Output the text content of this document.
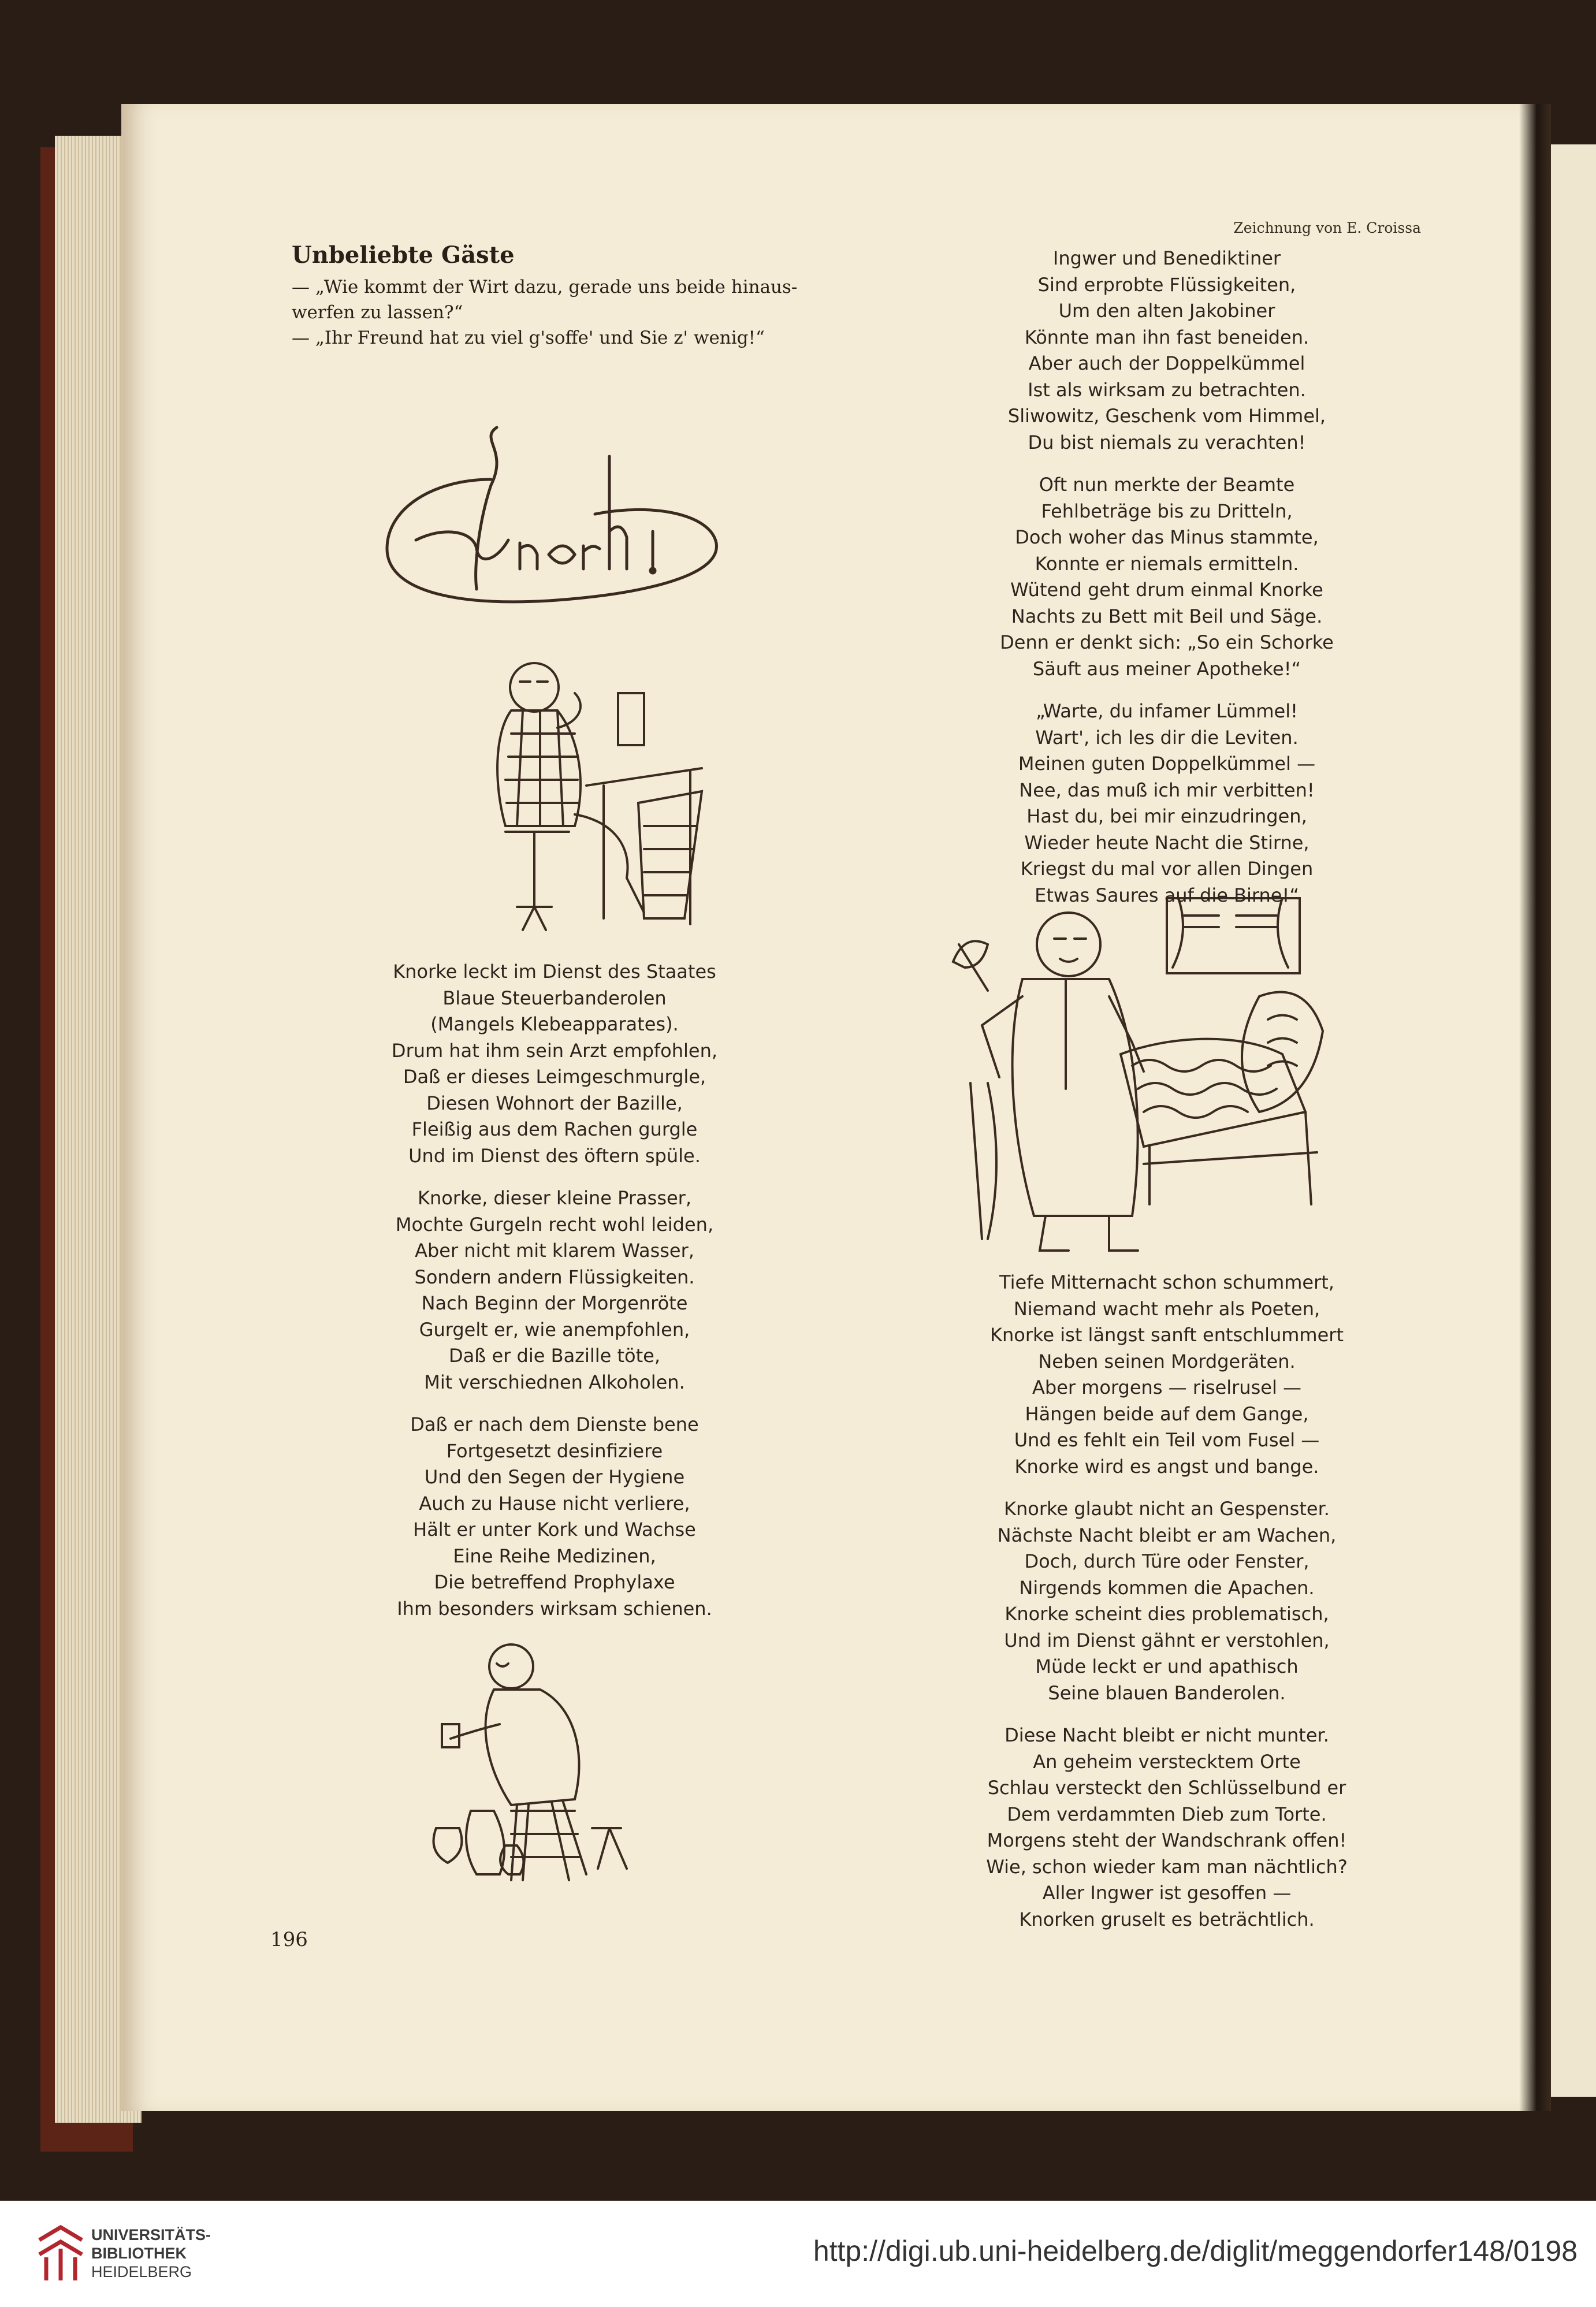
Zeichnung von E. Croissa
Unbeliebte Gäste
— „Wie kommt der Wirt dazu, gerade uns beide hinaus-
werfen zu lassen?“
— „Ihr Freund hat zu viel g'soffe' und Sie z' wenig!“
Knorke leckt im Dienst des Staates
Blaue Steuerbanderolen
(Mangels Klebeapparates).
Drum hat ihm sein Arzt empfohlen,
Daß er dieses Leimgeschmurgle,
Diesen Wohnort der Bazille,
Fleißig aus dem Rachen gurgle
Und im Dienst des öftern spüle.
Knorke, dieser kleine Prasser,
Mochte Gurgeln recht wohl leiden,
Aber nicht mit klarem Wasser,
Sondern andern Flüssigkeiten.
Nach Beginn der Morgenröte
Gurgelt er, wie anempfohlen,
Daß er die Bazille töte,
Mit verschiednen Alkoholen.
Daß er nach dem Dienste bene
Fortgesetzt desinfiziere
Und den Segen der Hygiene
Auch zu Hause nicht verliere,
Hält er unter Kork und Wachse
Eine Reihe Medizinen,
Die betreffend Prophylaxe
Ihm besonders wirksam schienen.
Ingwer und Benediktiner
Sind erprobte Flüssigkeiten,
Um den alten Jakobiner
Könnte man ihn fast beneiden.
Aber auch der Doppelkümmel
Ist als wirksam zu betrachten.
Sliwowitz, Geschenk vom Himmel,
Du bist niemals zu verachten!
Oft nun merkte der Beamte
Fehlbeträge bis zu Dritteln,
Doch woher das Minus stammte,
Konnte er niemals ermitteln.
Wütend geht drum einmal Knorke
Nachts zu Bett mit Beil und Säge.
Denn er denkt sich: „So ein Schorke
Säuft aus meiner Apotheke!“
„Warte, du infamer Lümmel!
Wart', ich les dir die Leviten.
Meinen guten Doppelkümmel —
Nee, das muß ich mir verbitten!
Hast du, bei mir einzudringen,
Wieder heute Nacht die Stirne,
Kriegst du mal vor allen Dingen
Etwas Saures auf die Birne!“
Tiefe Mitternacht schon schummert,
Niemand wacht mehr als Poeten,
Knorke ist längst sanft entschlummert
Neben seinen Mordgeräten.
Aber morgens — riselrusel —
Hängen beide auf dem Gange,
Und es fehlt ein Teil vom Fusel —
Knorke wird es angst und bange.
Knorke glaubt nicht an Gespenster.
Nächste Nacht bleibt er am Wachen,
Doch, durch Türe oder Fenster,
Nirgends kommen die Apachen.
Knorke scheint dies problematisch,
Und im Dienst gähnt er verstohlen,
Müde leckt er und apathisch
Seine blauen Banderolen.
Diese Nacht bleibt er nicht munter.
An geheim verstecktem Orte
Schlau versteckt den Schlüsselbund er
Dem verdammten Dieb zum Torte.
Morgens steht der Wandschrank offen!
Wie, schon wieder kam man nächtlich?
Aller Ingwer ist gesoffen —
Knorken gruselt es beträchtlich.
196
UNIVERSITÄTS-
BIBLIOTHEK
HEIDELBERG
http://digi.ub.uni-heidelberg.de/diglit/meggendorfer148/0198
